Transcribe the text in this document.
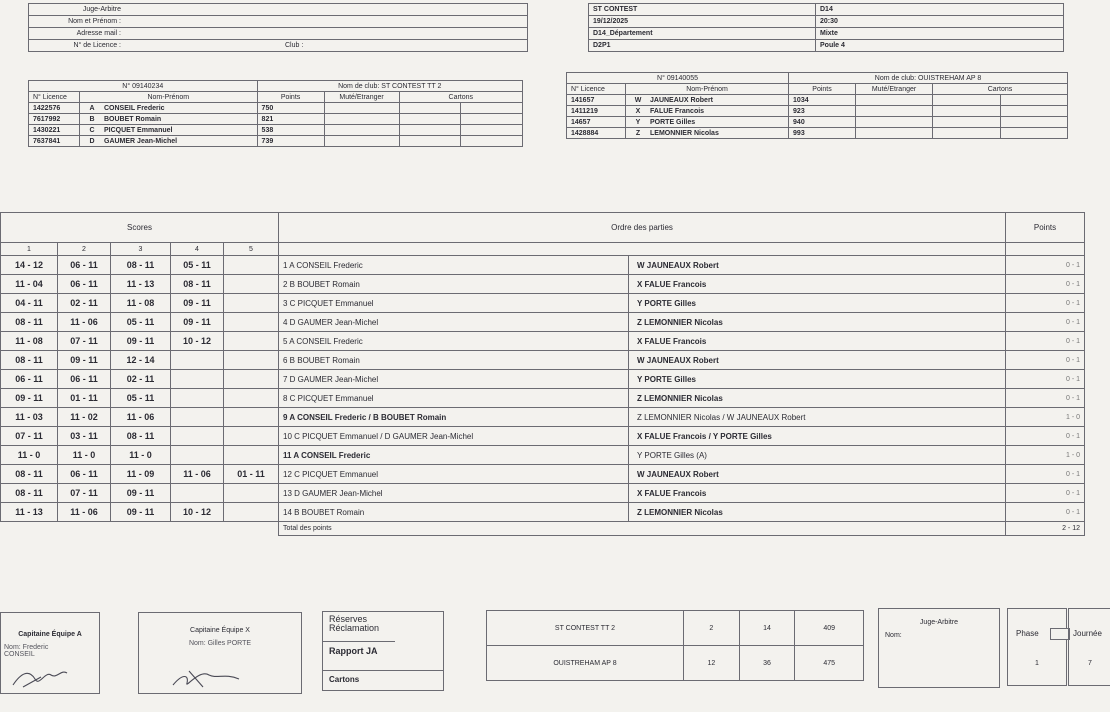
Juge-Arbitre	
Nom et Prénom :	
Adresse mail :	
N° de Licence :	Club :
ST CONTEST	D14
19/12/2025	20:30
D14_Département	Mixte
D2P1	Poule 4
N° 09140234		Nom de club: ST CONTEST TT 2			
N° Licence	Nom-Prénom	Points	Muté/Etranger	Cartons	
1422576	A CONSEIL Frederic	750			
7617992	B BOUBET Romain	821			
1430221	C PICQUET Emmanuel	538			
7637841	D GAUMER Jean-Michel	739			
N° 09140055		Nom de club: OUISTREHAM AP 8			
N° Licence	Nom-Prénom	Points	Muté/Etranger	Cartons	
141657	W JAUNEAUX Robert	1034			
1411219	X FALUE Francois	923			
14657	Y PORTE Gilles	940			
1428884	Z LEMONNIER Nicolas	993			
Scores					Ordre des parties		Points
1	2	3	4	5			
14 - 12	06 - 11	08 - 11	05 - 11		1 A CONSEIL Frederic	W JAUNEAUX Robert	0 - 1
11 - 04	06 - 11	11 - 13	08 - 11		2 B BOUBET Romain	X FALUE Francois	0 - 1
04 - 11	02 - 11	11 - 08	09 - 11		3 C PICQUET Emmanuel	Y PORTE Gilles	0 - 1
08 - 11	11 - 06	05 - 11	09 - 11		4 D GAUMER Jean-Michel	Z LEMONNIER Nicolas	0 - 1
11 - 08	07 - 11	09 - 11	10 - 12		5 A CONSEIL Frederic	X FALUE Francois	0 - 1
08 - 11	09 - 11	12 - 14			6 B BOUBET Romain	W JAUNEAUX Robert	0 - 1
06 - 11	06 - 11	02 - 11			7 D GAUMER Jean-Michel	Y PORTE Gilles	0 - 1
09 - 11	01 - 11	05 - 11			8 C PICQUET Emmanuel	Z LEMONNIER Nicolas	0 - 1
11 - 03	11 - 02	11 - 06			9 A CONSEIL Frederic / B BOUBET Romain	Z LEMONNIER Nicolas / W JAUNEAUX Robert	1 - 0
07 - 11	03 - 11	08 - 11			10 C PICQUET Emmanuel / D GAUMER Jean-Michel	X FALUE Francois / Y PORTE Gilles	0 - 1
11 - 0	11 - 0	11 - 0			11 A CONSEIL Frederic	Y PORTE Gilles (A)	1 - 0
08 - 11	06 - 11	11 - 09	11 - 06	01 - 11	12 C PICQUET Emmanuel	W JAUNEAUX Robert	0 - 1
08 - 11	07 - 11	09 - 11			13 D GAUMER Jean-Michel	X FALUE Francois	0 - 1
11 - 13	11 - 06	09 - 11	10 - 12		14 B BOUBET Romain	Z LEMONNIER Nicolas	0 - 1
					Total des points		2 - 12
Capitaine Équipe A
Nom: Frederic CONSEIL
Capitaine Équipe X
Nom: Gilles PORTE
Réserves Réclamation
Rapport JA
Cartons
ST CONTEST TT 2	2	14	409
OUISTREHAM AP 8	12	36	475
Juge-Arbitre
Nom:	Phase
1
Journée
7
